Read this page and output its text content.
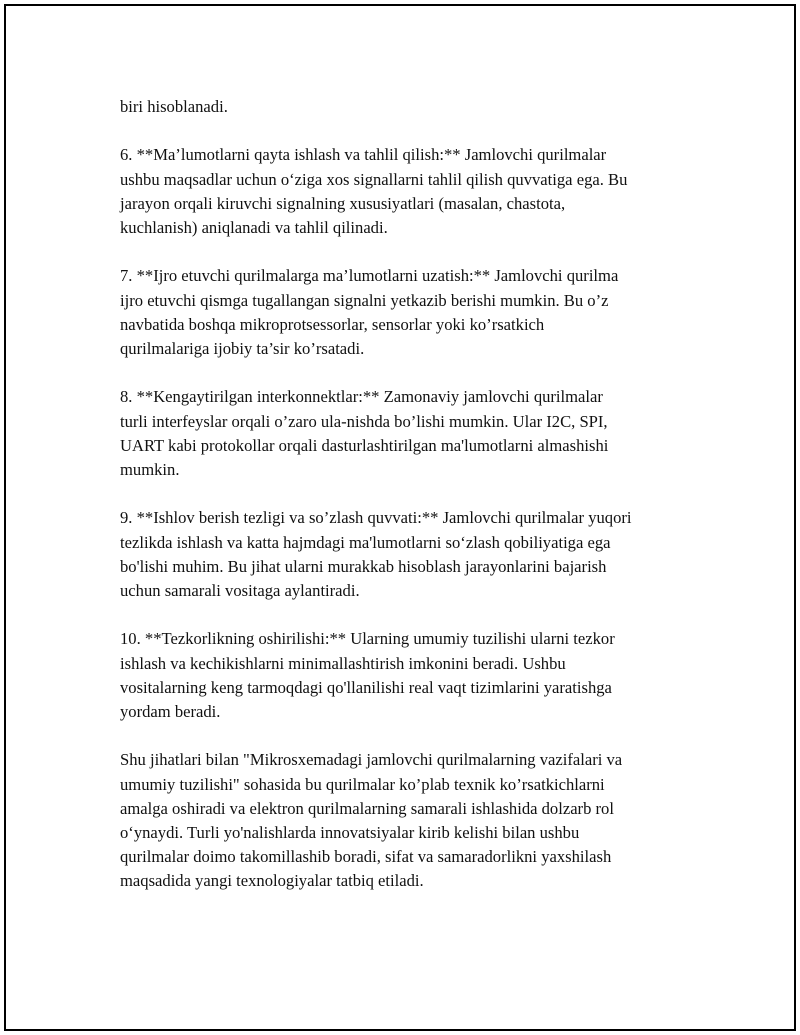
biri hisoblanadi.

6. **Ma’lumotlarni qayta ishlash va tahlil qilish:** Jamlovchi qurilmalar
ushbu maqsadlar uchun o‘ziga xos signallarni tahlil qilish quvvatiga ega. Bu
jarayon orqali kiruvchi signalning xususiyatlari (masalan, chastota,
kuchlanish) aniqlanadi va tahlil qilinadi.

7. **Ijro etuvchi qurilmalarga ma’lumotlarni uzatish:** Jamlovchi qurilma
ijro etuvchi qismga tugallangan signalni yetkazib berishi mumkin. Bu o’z
navbatida boshqa mikroprotsessorlar, sensorlar yoki ko’rsatkich
qurilmalariga ijobiy ta’sir ko’rsatadi.

8. **Kengaytirilgan interkonnektlar:** Zamonaviy jamlovchi qurilmalar
turli interfeyslar orqali o’zaro ula-nishda bo’lishi mumkin. Ular I2C, SPI,
UART kabi protokollar orqali dasturlashtirilgan ma'lumotlarni almashishi
mumkin.

9. **Ishlov berish tezligi va so’zlash quvvati:** Jamlovchi qurilmalar yuqori
tezlikda ishlash va katta hajmdagi ma'lumotlarni so‘zlash qobiliyatiga ega
bo'lishi muhim. Bu jihat ularni murakkab hisoblash jarayonlarini bajarish
uchun samarali vositaga aylantiradi.

10. **Tezkorlikning oshirilishi:** Ularning umumiy tuzilishi ularni tezkor
ishlash va kechikishlarni minimallashtirish imkonini beradi. Ushbu
vositalarning keng tarmoqdagi qo'llanilishi real vaqt tizimlarini yaratishga
yordam beradi.

Shu jihatlari bilan "Mikrosxemadagi jamlovchi qurilmalarning vazifalari va
umumiy tuzilishi" sohasida bu qurilmalar ko’plab texnik ko’rsatkichlarni
amalga oshiradi va elektron qurilmalarning samarali ishlashida dolzarb rol
o‘ynaydi. Turli yo'nalishlarda innovatsiyalar kirib kelishi bilan ushbu
qurilmalar doimo takomillashib boradi, sifat va samaradorlikni yaxshilash
maqsadida yangi texnologiyalar tatbiq etiladi.
